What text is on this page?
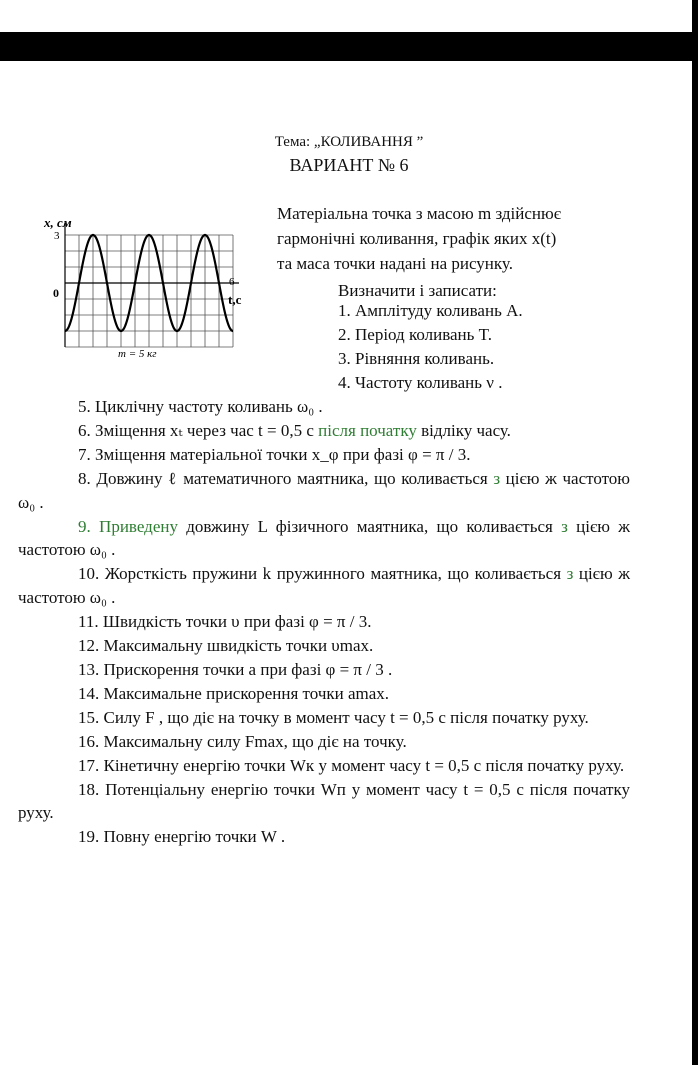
Тема: „КОЛИВАННЯ ”
ВАРИАНТ № 6
x, см
3
0
6
t,с
m = 5 кг
Матеріальна точка з масою m здійснює
гармонічні коливання, графік яких x(t)
та маса точки надані на рисунку.
Визначити і записати:
1. Амплітуду коливань A.
2. Період коливань T.
3. Рівняння коливань.
4. Частоту коливань ν .
5. Циклічну частоту коливань ω₀ .
6. Зміщення xₜ через час t = 0,5 с після початку відліку часу.
7. Зміщення матеріальної точки x_φ при фазі φ = π / 3.
8. Довжину ℓ математичного маятника, що коливається з цією ж частотою ω₀ .
9. Приведену довжину L фізичного маятника, що коливається з цією ж частотою ω₀ .
10. Жорсткість пружини k пружинного маятника, що коливається з цією ж частотою ω₀ .
11. Швидкість точки υ при фазі φ = π / 3.
12. Максимальну швидкість точки υmax.
13. Прискорення точки a при фазі φ = π / 3 .
14. Максимальне прискорення точки amax.
15. Силу F , що діє на точку в момент часу t = 0,5 с після початку руху.
16. Максимальну силу Fmax, що діє на точку.
17. Кінетичну енергію точки Wк у момент часу t = 0,5 с після початку руху.
18. Потенціальну енергію точки Wп у момент часу t = 0,5 с після початку руху.
19. Повну енергію точки W .
